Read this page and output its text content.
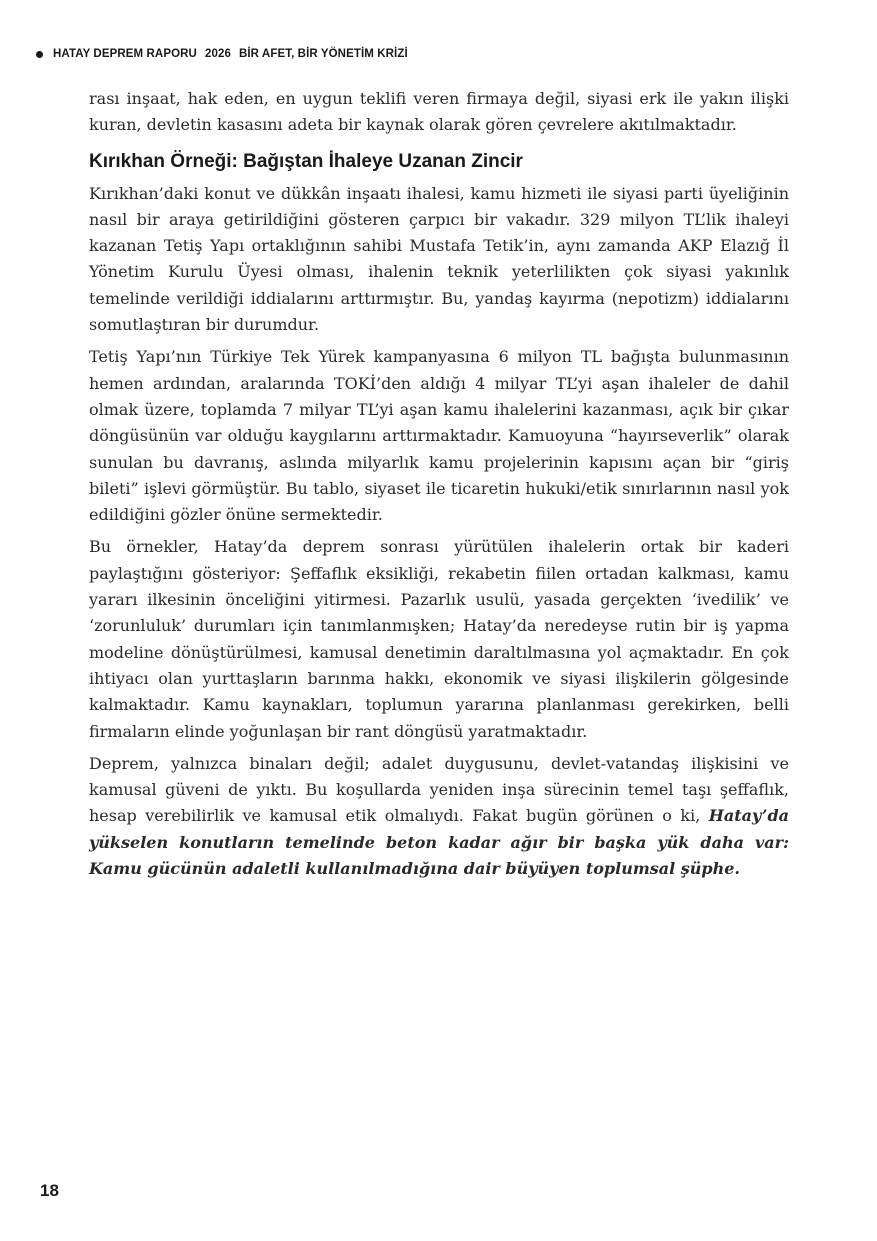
HATAY DEPREM RAPORU 2026 BİR AFET, BİR YÖNETİM KRİZİ

rası inşaat, hak eden, en uygun teklifi veren firmaya değil, siyasi erk ile yakın ilişki kuran, devletin kasasını adeta bir kaynak olarak gören çevrelere akıtılmaktadır.

Kırıkhan Örneği: Bağıştan İhaleye Uzanan Zincir

Kırıkhan’daki konut ve dükkân inşaatı ihalesi, kamu hizmeti ile siyasi parti üyeliğinin nasıl bir araya getirildiğini gösteren çarpıcı bir vakadır. 329 milyon TL’lik ihaleyi kazanan Tetiş Yapı ortaklığının sahibi Mustafa Tetik’in, aynı zamanda AKP Elazığ İl Yönetim Kurulu Üyesi olması, ihalenin teknik yeterlilikten çok siyasi yakınlık temelinde verildiği iddialarını arttırmıştır. Bu, yandaş kayırma (nepotizm) iddialarını somutlaştıran bir durumdur.

Tetiş Yapı’nın Türkiye Tek Yürek kampanyasına 6 milyon TL bağışta bulunmasının hemen ardından, aralarında TOKİ’den aldığı 4 milyar TL’yi aşan ihaleler de dahil olmak üzere, toplamda 7 milyar TL’yi aşan kamu ihalelerini kazanması, açık bir çıkar döngüsünün var olduğu kaygılarını arttırmaktadır. Kamuoyuna “hayırseverlik” olarak sunulan bu davranış, aslında milyarlık kamu projelerinin kapısını açan bir “giriş bileti” işlevi görmüştür. Bu tablo, siyaset ile ticaretin hukuki/etik sınırlarının nasıl yok edildiğini gözler önüne sermektedir.

Bu örnekler, Hatay’da deprem sonrası yürütülen ihalelerin ortak bir kaderi paylaştığını gösteriyor: Şeffaflık eksikliği, rekabetin fiilen ortadan kalkması, kamu yararı ilkesinin önceliğini yitirmesi. Pazarlık usulü, yasada gerçekten ‘ivedilik’ ve ‘zorunluluk’ durumları için tanımlanmışken; Hatay’da neredeyse rutin bir iş yapma modeline dönüştürülmesi, kamusal denetimin daraltılmasına yol açmaktadır. En çok ihtiyacı olan yurttaşların barınma hakkı, ekonomik ve siyasi ilişkilerin gölgesinde kalmaktadır. Kamu kaynakları, toplumun yararına planlanması gerekirken, belli firmaların elinde yoğunlaşan bir rant döngüsü yaratmaktadır.

Deprem, yalnızca binaları değil; adalet duygusunu, devlet-vatandaş ilişkisini ve kamusal güveni de yıktı. Bu koşullarda yeniden inşa sürecinin temel taşı şeffaflık, hesap verebilirlik ve kamusal etik olmalıydı. Fakat bugün görünen o ki, Hatay’da yükselen konutların temelinde beton kadar ağır bir başka yük daha var: Kamu gücünün adaletli kullanılmadığına dair büyüyen toplumsal şüphe.

18
